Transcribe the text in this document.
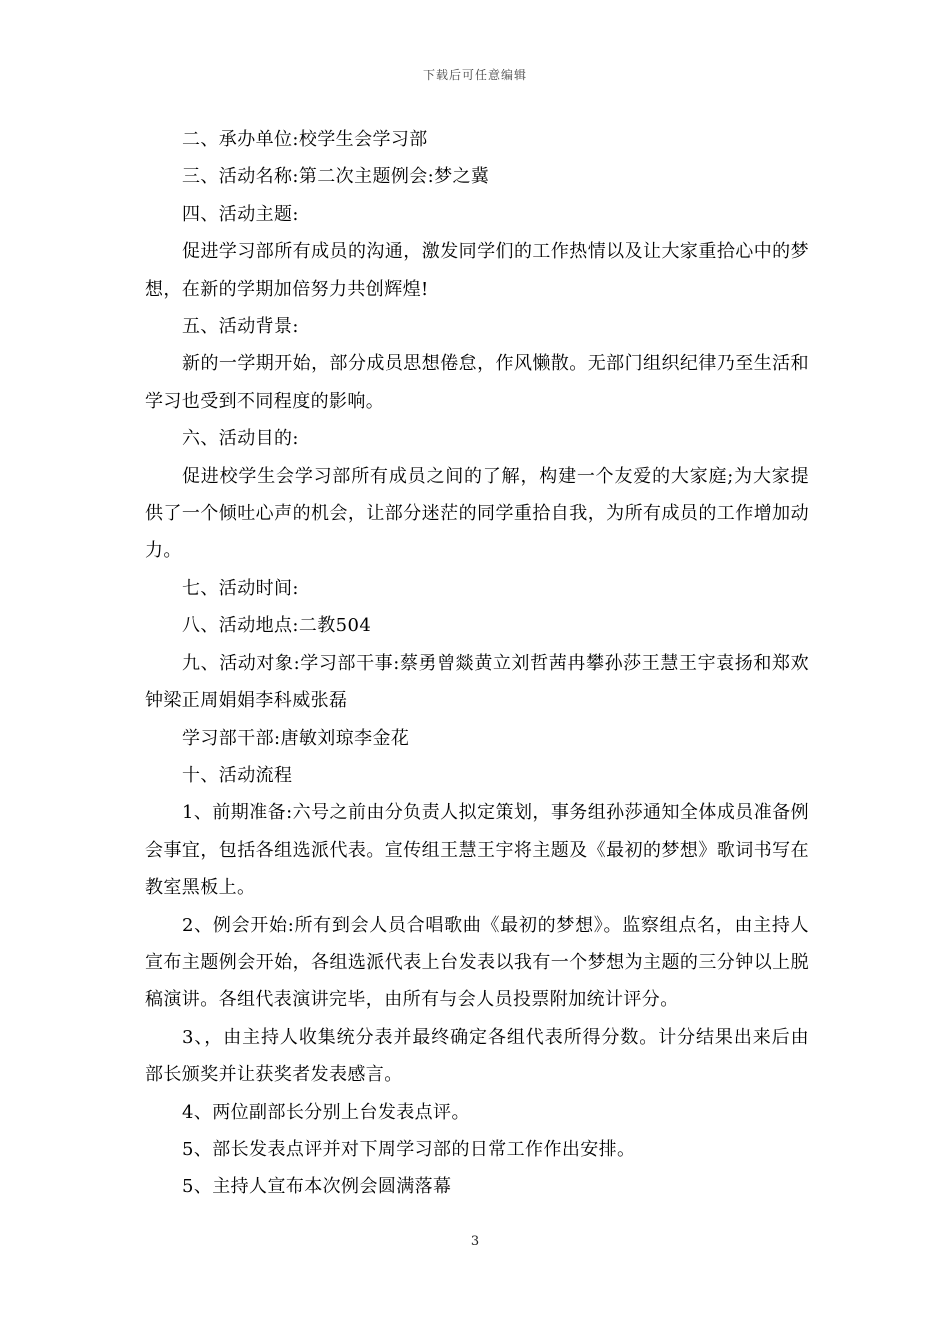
下载后可任意编辑

二、承办单位:校学生会学习部

三、活动名称:第二次主题例会:梦之冀

四、活动主题:

促进学习部所有成员的沟通，激发同学们的工作热情以及让大家重拾心中的梦想，在新的学期加倍努力共创辉煌!

五、活动背景:

新的一学期开始，部分成员思想倦怠，作风懒散。无部门组织纪律乃至生活和学习也受到不同程度的影响。

六、活动目的:

促进校学生会学习部所有成员之间的了解，构建一个友爱的大家庭;为大家提供了一个倾吐心声的机会，让部分迷茫的同学重拾自我，为所有成员的工作增加动力。

七、活动时间:

八、活动地点:二教504

九、活动对象:学习部干事:蔡勇曾燚黄立刘哲茜冉攀孙莎王慧王宇袁扬和郑欢钟梁正周娟娟李科威张磊

学习部干部:唐敏刘琼李金花

十、活动流程

1、前期准备:六号之前由分负责人拟定策划，事务组孙莎通知全体成员准备例会事宜，包括各组选派代表。宣传组王慧王宇将主题及《最初的梦想》歌词书写在教室黑板上。

2、例会开始:所有到会人员合唱歌曲《最初的梦想》。监察组点名，由主持人宣布主题例会开始，各组选派代表上台发表以我有一个梦想为主题的三分钟以上脱稿演讲。各组代表演讲完毕，由所有与会人员投票附加统计评分。

3、，由主持人收集统分表并最终确定各组代表所得分数。计分结果出来后由部长颁奖并让获奖者发表感言。

4、两位副部长分别上台发表点评。

5、部长发表点评并对下周学习部的日常工作作出安排。

5、主持人宣布本次例会圆满落幕

3
